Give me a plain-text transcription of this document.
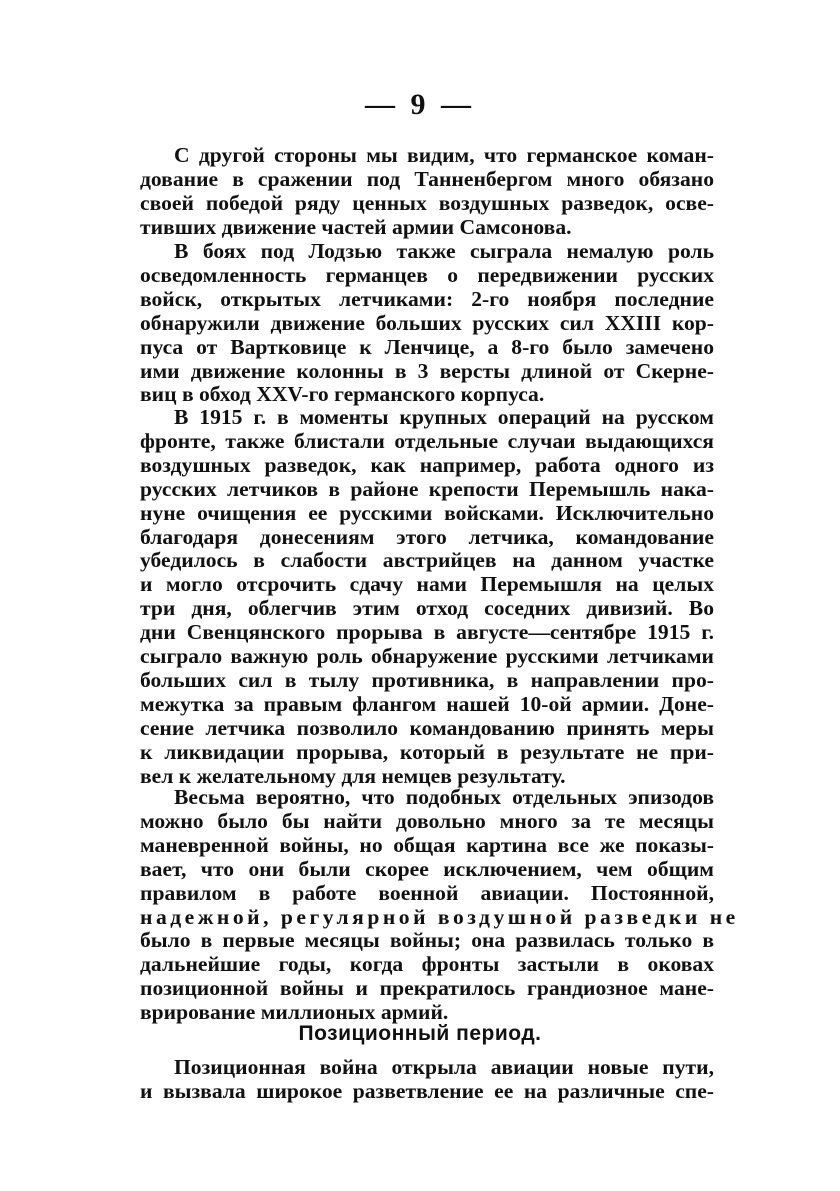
— 9 —
С другой стороны мы видим, что германское коман-
дование в сражении под Танненбергом много обязано
своей победой ряду ценных воздушных разведок, осве-
тивших движение частей армии Самсонова.
В боях под Лодзью также сыграла немалую роль
осведомленность германцев о передвижении русских
войск, открытых летчиками: 2-го ноября последние
обнаружили движение больших русских сил XXIII кор-
пуса от Вартковице к Ленчице, а 8-го было замечено
ими движение колонны в 3 версты длиной от Скерне-
виц в обход XXV-го германского корпуса.
В 1915 г. в моменты крупных операций на русском
фронте, также блистали отдельные случаи выдающихся
воздушных разведок, как например, работа одного из
русских летчиков в районе крепости Перемышль нака-
нуне очищения ее русскими войсками. Исключительно
благодаря донесениям этого летчика, командование
убедилось в слабости австрийцев на данном участке
и могло отсрочить сдачу нами Перемышля на целых
три дня, облегчив этим отход соседних дивизий. Во
дни Свенцянского прорыва в августе—сентябре 1915 г.
сыграло важную роль обнаружение русскими летчиками
больших сил в тылу противника, в направлении про-
межутка за правым флангом нашей 10-ой армии. Доне-
сение летчика позволило командованию принять меры
к ликвидации прорыва, который в результате не при-
вел к желательному для немцев результату.
Весьма вероятно, что подобных отдельных эпизодов
можно было бы найти довольно много за те месяцы
маневренной войны, но общая картина все же показы-
вает, что они были скорее исключением, чем общим
правилом в работе военной авиации. Постоянной,
надежной, регулярной воздушной разведки не
было в первые месяцы войны; она развилась только в
дальнейшие годы, когда фронты застыли в оковах
позиционной войны и прекратилось грандиозное мане-
врирование миллионых армий.
Позиционный период.
Позиционная война открыла авиации новые пути,
и вызвала широкое разветвление ее на различные спе-
